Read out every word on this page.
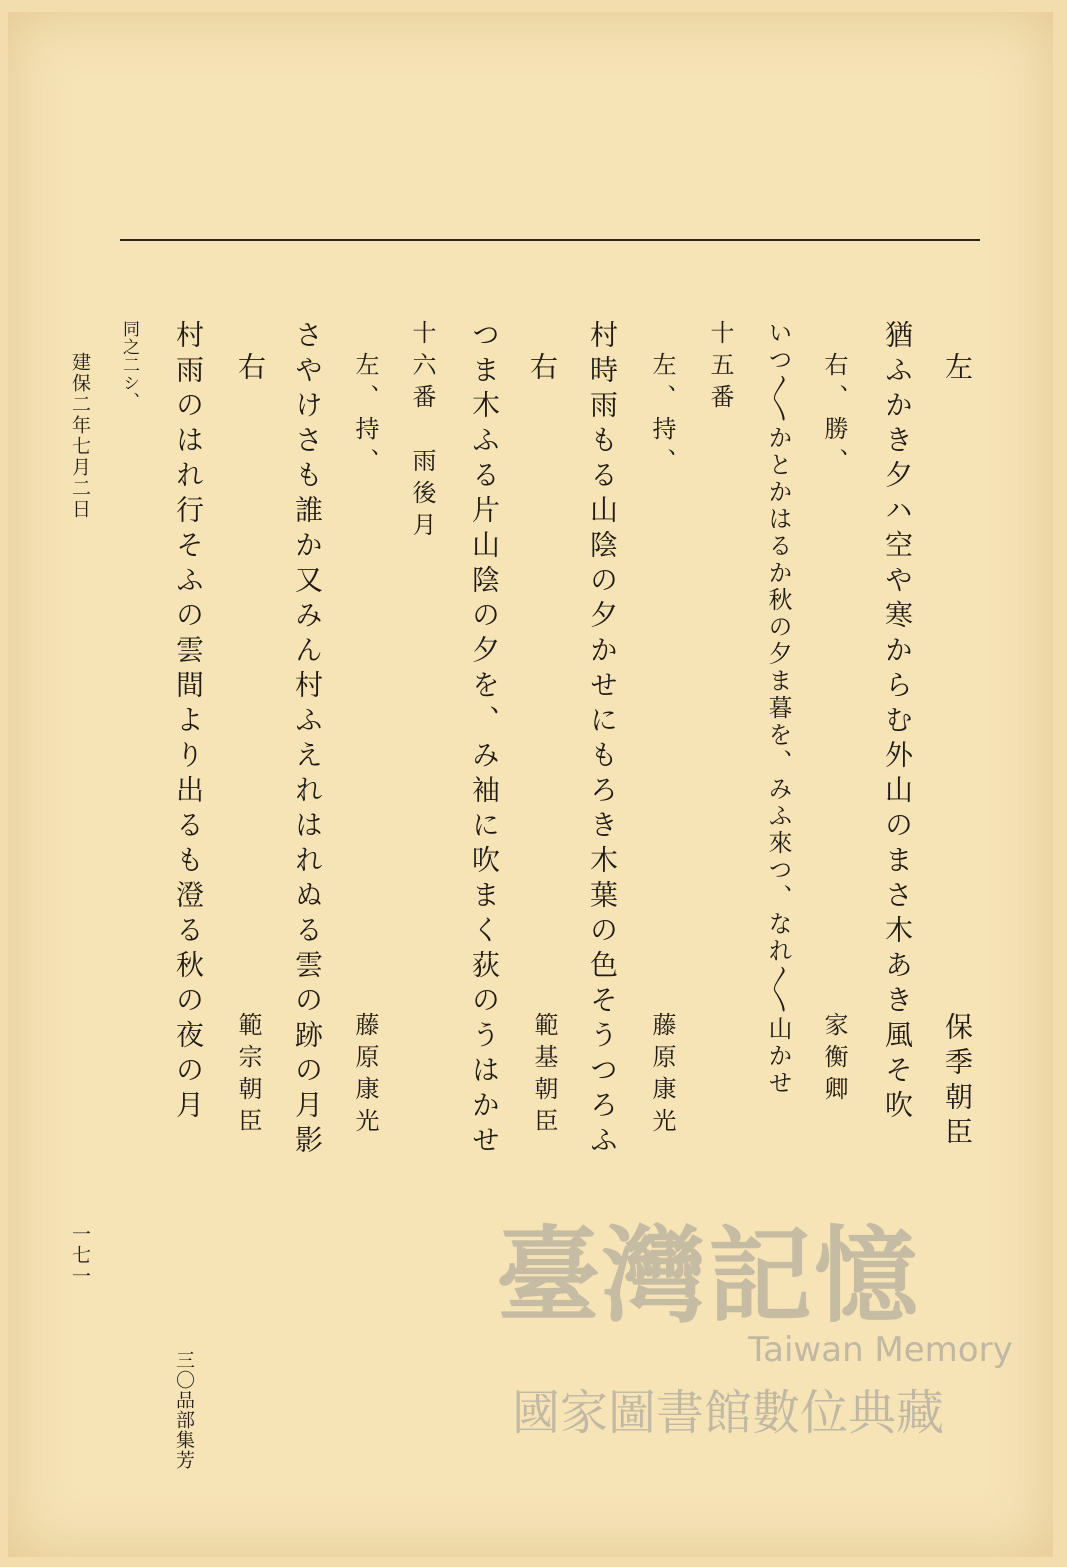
左
猶ふかき夕ハ空や寒からむ外山のまさ木あき風そ吹 保季朝臣
右、勝、
家衡卿
いつ〳〵かとかはるか秋の夕ま暮を、みふ來つ、なれ〳〵山かせ
十五番
左、持、
藤原康光
村時雨もる山陰の夕かせにもろき木葉の色そうつろふ
右
範基朝臣
つま木ふる片山陰の夕を、み袖に吹まく荻のうはかせ
十六番　雨後月
左、持、
藤原康光
さやけさも誰か又みん村ふえれはれぬる雲の跡の月影
右
範宗朝臣
村雨のはれ行そふの雲間より出るも澄る秋の夜の月
三〇品部集芳
同之二シ、
建保二年七月二日
一七一	臺灣記憶
Taiwan Memory
國家圖書館數位典藏
